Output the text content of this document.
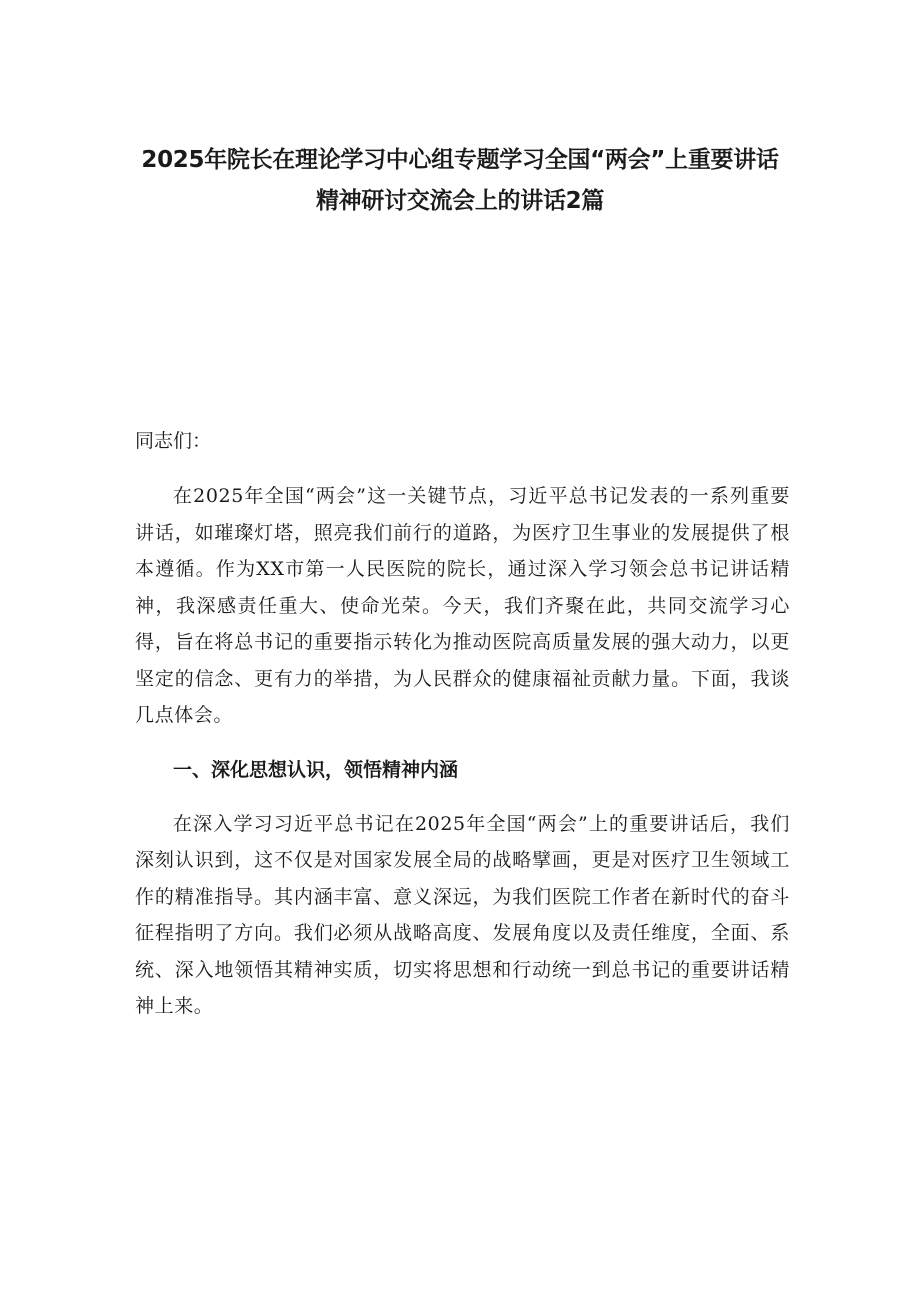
2025年院长在理论学习中心组专题学习全国“两会”上重要讲话精神研讨交流会上的讲话2篇

同志们：

在2025年全国“两会”这一关键节点，习近平总书记发表的一系列重要讲话，如璀璨灯塔，照亮我们前行的道路，为医疗卫生事业的发展提供了根本遵循。作为XX市第一人民医院的院长，通过深入学习领会总书记讲话精神，我深感责任重大、使命光荣。今天，我们齐聚在此，共同交流学习心得，旨在将总书记的重要指示转化为推动医院高质量发展的强大动力，以更坚定的信念、更有力的举措，为人民群众的健康福祉贡献力量。下面，我谈几点体会。

一、深化思想认识，领悟精神内涵

在深入学习习近平总书记在2025年全国“两会”上的重要讲话后，我们深刻认识到，这不仅是对国家发展全局的战略擘画，更是对医疗卫生领域工作的精准指导。其内涵丰富、意义深远，为我们医院工作者在新时代的奋斗征程指明了方向。我们必须从战略高度、发展角度以及责任维度，全面、系统、深入地领悟其精神实质，切实将思想和行动统一到总书记的重要讲话精神上来。
